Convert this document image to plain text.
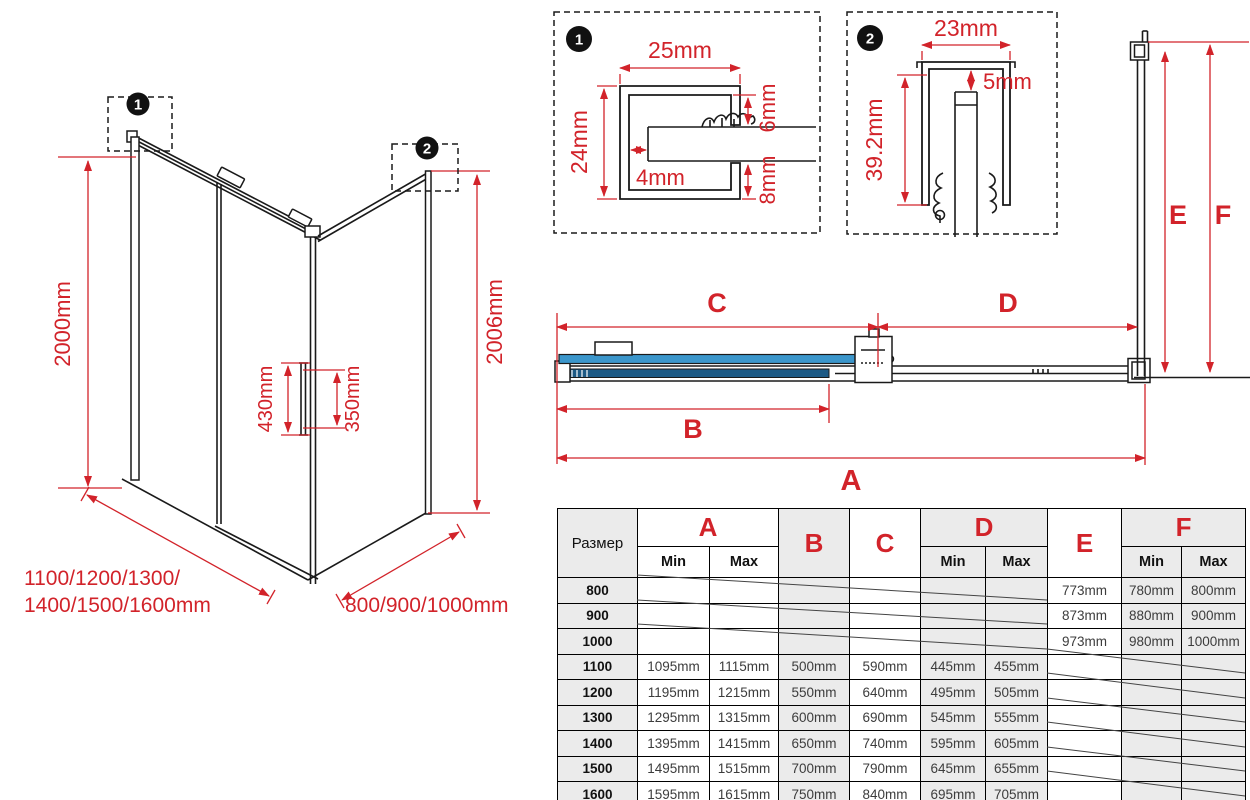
2000mm	2006mm
430mm	350mm
1100/1200/1300/
1400/1500/1600mm	800/900/1000mm
1
2
C	D
B
A
E F
1	25mm
24mm
4mm
6mm
8mm
2	23mm
5mm
39.2mm
Размер	A		B	C	D		E	F	
	Min	Max			Min	Max		Min	Max
800							773mm	780mm	800mm
900							873mm	880mm	900mm
1000							973mm	980mm	1000mm
1100	1095mm	1115mm	500mm	590mm	445mm	455mm			
1200	1195mm	1215mm	550mm	640mm	495mm	505mm			
1300	1295mm	1315mm	600mm	690mm	545mm	555mm			
1400	1395mm	1415mm	650mm	740mm	595mm	605mm			
1500	1495mm	1515mm	700mm	790mm	645mm	655mm			
1600	1595mm	1615mm	750mm	840mm	695mm	705mm			
